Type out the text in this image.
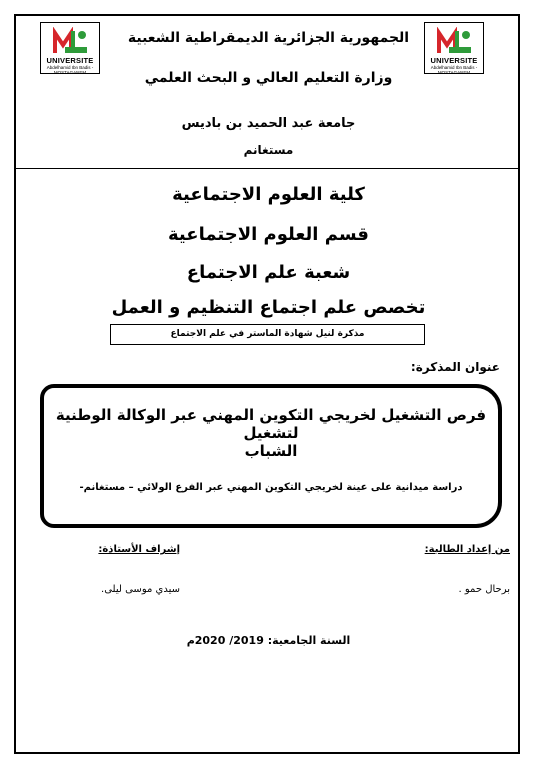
UNIVERSITE
Abdelhamid Ibn Badis - MOSTAGANEM
UNIVERSITE
Abdelhamid Ibn Badis - MOSTAGANEM
الجمهورية الجزائرية الديمقراطية الشعبية
وزارة التعليم العالي و البحث العلمي
جامعة عبد الحميد بن باديس
مستغانم
كلية العلوم الاجتماعية
قسم العلوم الاجتماعية
شعبة علم الاجتماع
تخصص علم اجتماع التنظيم و العمل
مذكرة لنيل شهادة الماستر في علم الاجتماع
عنوان المذكرة:
فرص التشغيل لخريجي التكوين المهني عبر الوكالة الوطنية لتشغيل
الشباب
دراسة ميدانية على عينة لخريجي التكوين المهني عبر الفرع الولائي – مستغانم-
من إعداد الطالبة:
إشراف الأستاذة:
برحال حمو .
سيدي موسى ليلى.
السنة الجامعية: 2019/ 2020م
